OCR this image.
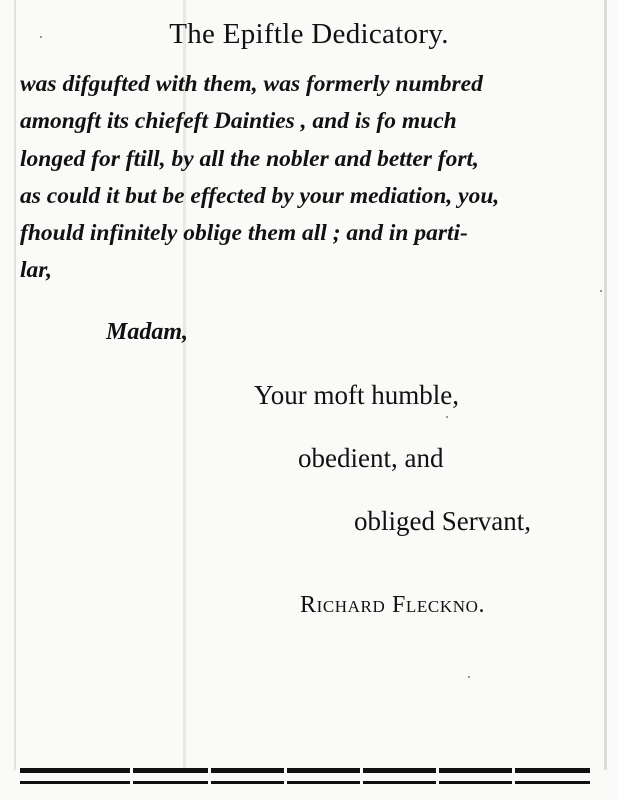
The Epiftle Dedicatory.
was difgufted with them, was formerly numbred
amongft its chiefeft Dainties , and is fo much
longed for ftill, by all the nobler and better fort,
as could it but be effected by your mediation, you,
fhould infinitely oblige them all ; and in parti-
lar,
Madam,
Your moft humble,
obedient, and
obliged Servant,
Richard Fleckno.
